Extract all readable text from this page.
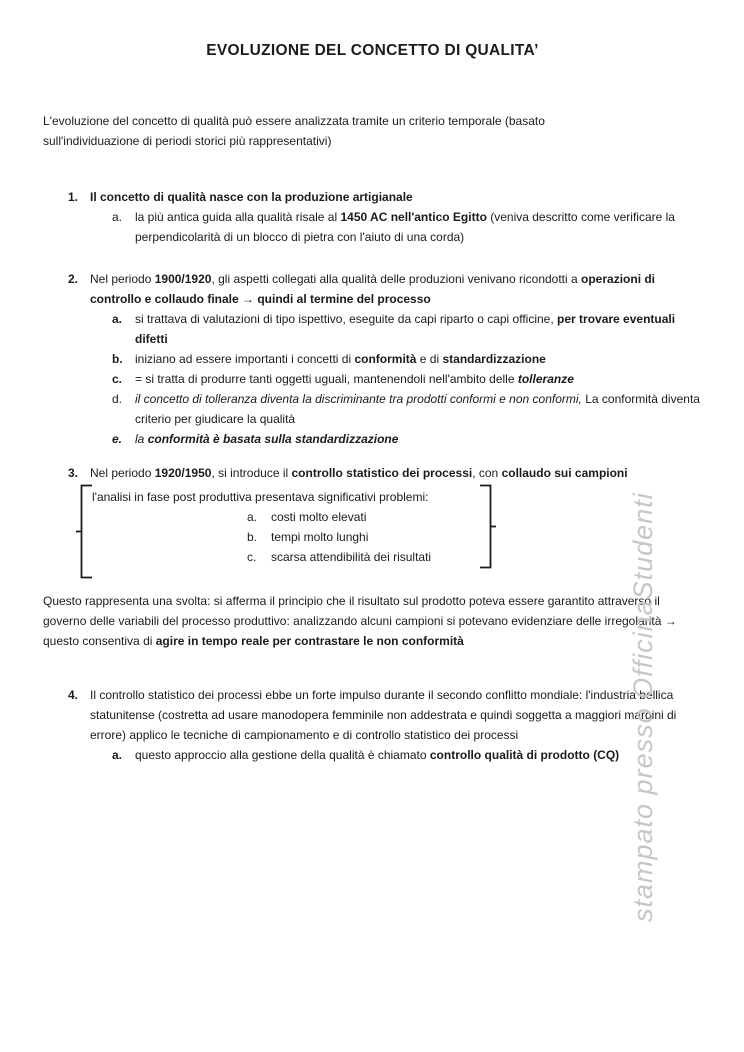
EVOLUZIONE DEL CONCETTO DI QUALITA’

L'evoluzione del concetto di qualità può essere analizzata tramite un criterio temporale (basato sull'individuazione di periodi storici più rappresentativi)

1. Il concetto di qualità nasce con la produzione artigianale
a.	la più antica guida alla qualità risale al 1450 AC nell'antico Egitto (veniva descritto come verificare la perpendicolarità di un blocco di pietra con l'aiuto di una corda)
2. Nel periodo 1900/1920, gli aspetti collegati alla qualità delle produzioni venivano ricondotti a operazioni di controllo e collaudo finale → quindi al termine del processo
a.	si trattava di valutazioni di tipo ispettivo, eseguite da capi riparto o capi officine, per trovare eventuali difetti
b.	iniziano ad essere importanti i concetti di conformità e di standardizzazione
c.	= si tratta di produrre tanti oggetti uguali, mantenendoli nell'ambito delle tolleranze
d.	il concetto di tolleranza diventa la discriminante tra prodotti conformi e non conformi, La conformità diventa criterio per giudicare la qualità
e.	la conformità è basata sulla standardizzazione
3. Nel periodo 1920/1950, si introduce il controllo statistico dei processi, con collaudo sui campioni
l'analisi in fase post produttiva presentava significativi problemi:
a.	costi molto elevati
b.	tempi molto lunghi
c.	scarsa attendibilità dei risultati

Questo rappresenta una svolta: si afferma il principio che il risultato sul prodotto poteva essere garantito attraverso il governo delle variabili del processo produttivo: analizzando alcuni campioni si potevano evidenziare delle irregolarità → questo consentiva di agire in tempo reale per contrastare le non conformità

4. Il controllo statistico dei processi ebbe un forte impulso durante il secondo conflitto mondiale: l'industria bellica statunitense (costretta ad usare manodopera femminile non addestrata e quindi soggetta a maggiori margini di errore) applico le tecniche di campionamento e di controllo statistico dei processi
a.	questo approccio alla gestione della qualità è chiamato controllo qualità di prodotto (CQ) stampato presso OfficinaStudenti
